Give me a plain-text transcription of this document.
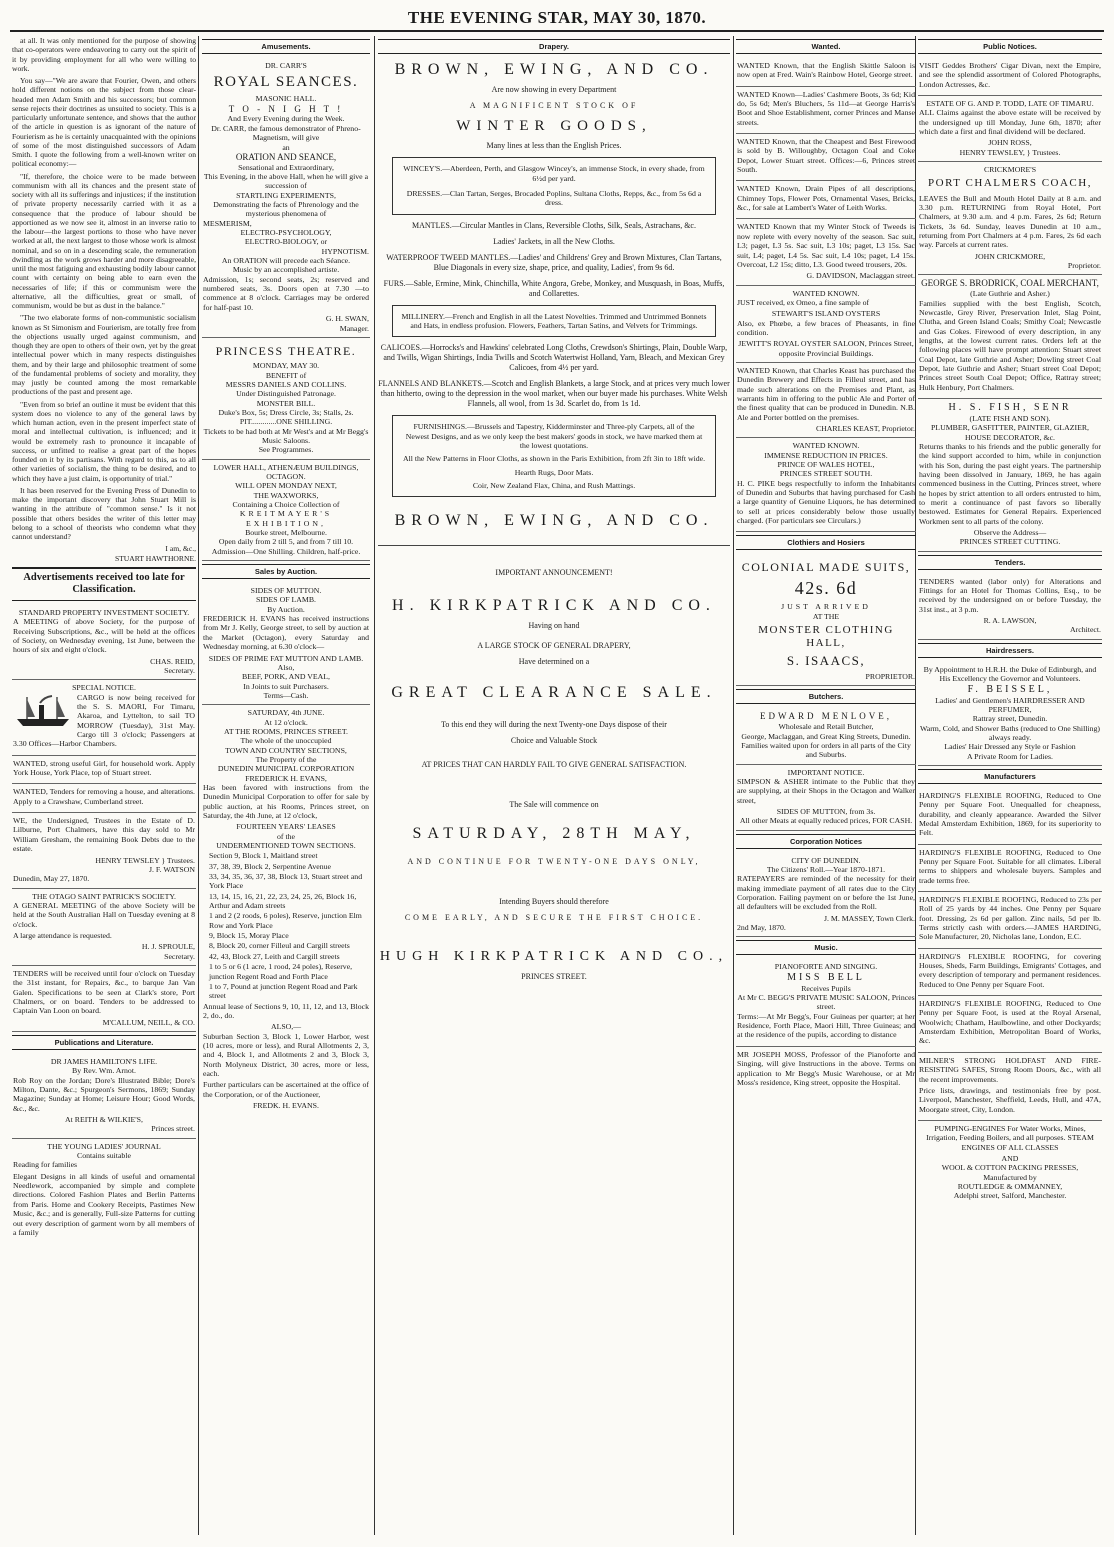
THE EVENING STAR, MAY 30, 1870.

at all. It was only mentioned for the purpose of showing that co-operators were endeavoring to carry out the spirit of it by providing employment for all who were willing to work.

You say—"We are aware that Fourier, Owen, and others hold different notions on the subject from those clear-headed men Adam Smith and his successors; but common sense rejects their doctrines as unsuited to society. This is a particularly unfortunate sentence, and shows that the author of the article in question is as ignorant of the nature of Fourierism as he is certainly unacquainted with the opinions of some of the most distinguished successors of Adam Smith. I quote the following from a well-known writer on political economy:—

"If, therefore, the choice were to be made between communism with all its chances and the present state of society with all its sufferings and injustices; if the institution of private property necessarily carried with it as a consequence that the produce of labour should be apportioned as we now see it, almost in an inverse ratio to the labour—the largest portions to those who have never worked at all, the next largest to those whose work is almost nominal, and so on in a descending scale, the remuneration dwindling as the work grows harder and more disagreeable, until the most fatiguing and exhausting bodily labour cannot count with certainty on being able to earn even the necessaries of life; if this or communism were the alternative, all the difficulties, great or small, of communism, would be but as dust in the balance."

"The two elaborate forms of non-communistic socialism known as St Simonism and Fourierism, are totally free from the objections usually urged against communism, and though they are open to others of their own, yet by the great intellectual power which in many respects distinguishes them, and by their large and philosophic treatment of some of the fundamental problems of society and morality, they may justly be counted among the most remarkable productions of the past and present age.

"Even from so brief an outline it must be evident that this system does no violence to any of the general laws by which human action, even in the present imperfect state of moral and intellectual cultivation, is influenced; and it would be extremely rash to pronounce it incapable of success, or unfitted to realise a great part of the hopes founded on it by its partisans. With regard to this, as to all other varieties of socialism, the thing to be desired, and to which they have a just claim, is opportunity of trial."

It has been reserved for the Evening Press of Dunedin to make the important discovery that John Stuart Mill is wanting in the attribute of "common sense." Is it not possible that others besides the writer of this letter may belong to a school of theorists who condemn what they cannot understand?

I am, &c.,
STUART HAWTHORNE.
Advertisements received too late for Classification.
STANDARD PROPERTY INVESTMENT SOCIETY.

A MEETING of above Society, for the purpose of Receiving Subscriptions, &c., will be held at the offices of Society, on Wednesday evening, 1st June, between the hours of six and eight o'clock.

CHAS. REID,
Secretary.
SPECIAL NOTICE.

CARGO is now being received for the S. S. MAORI, For Timaru, Akaroa, and Lyttelton, to sail TO MORROW (Tuesday), 31st May. Cargo till 3 o'clock; Passengers at 3.30 Offices—Harbor Chambers.

WANTED, strong useful Girl, for household work. Apply York House, York Place, top of Stuart street.

WANTED, Tenders for removing a house, and alterations. Apply to a Crawshaw, Cumberland street.

WE, the Undersigned, Trustees in the Estate of D. Lilburne, Port Chalmers, have this day sold to Mr William Gresham, the remaining Book Debts due to the estate.

HENRY TEWSLEY } Trustees.
J. F. WATSON
Dunedin, May 27, 1870.
THE OTAGO SAINT PATRICK'S SOCIETY.

A GENERAL MEETING of the above Society will be held at the South Australian Hall on Tuesday evening at 8 o'clock.

A large attendance is requested.

H. J. SPROULE,
Secretary.

TENDERS will be received until four o'clock on Tuesday the 31st instant, for Repairs, &c., to barque Jan Van Galen. Specifications to be seen at Clark's store, Port Chalmers, or on board. Tenders to be addressed to Captain Van Loon on board.

M'CALLUM, NEILL, & CO.
Publications and Literature.
DR JAMES HAMILTON'S LIFE.
By Rev. Wm. Arnot.

Rob Roy on the Jordan; Dore's Illustrated Bible; Dore's Milton, Dante, &c.; Spurgeon's Sermons, 1869; Sunday Magazine; Sunday at Home; Leisure Hour; Good Words, &c., &c.

At REITH & WILKIE'S,
Princes street.
THE YOUNG LADIES' JOURNAL
Contains suitable

Reading for families

Elegant Designs in all kinds of useful and ornamental Needlework, accompanied by simple and complete directions. Colored Fashion Plates and Berlin Patterns from Paris. Home and Cookery Receipts, Pastimes New Music, &c.; and is generally, Full-size Patterns for cutting out every description of garment worn by all members of a family

Amusements.
DR. CARR'S
ROYAL SEANCES.
MASONIC HALL.
T O - N I G H T !
And Every Evening during the Week.
Dr. CARR, the famous demonstrator of Phreno-Magnetism, will give
an
ORATION AND SEANCE,
Sensational and Extraordinary,
This Evening, in the above Hall, when he will give a succession of
STARTLING EXPERIMENTS,
Demonstrating the facts of Phrenology and the mysterious phenomena of
MESMERISM,
ELECTRO-PSYCHOLOGY,
ELECTRO-BIOLOGY, or
HYPNOTISM.
An ORATION will precede each Séance.
Music by an accomplished artiste.

Admission, 1s; second seats, 2s; reserved and numbered seats, 3s. Doors open at 7.30 —to commence at 8 o'clock. Carriages may be ordered for half-past 10.

G. H. SWAN,
Manager.
PRINCESS THEATRE.
MONDAY, MAY 30.
BENEFIT of
MESSRS DANIELS AND COLLINS.
Under Distinguished Patronage.
MONSTER BILL.
Duke's Box, 5s; Dress Circle, 3s; Stalls, 2s.
PIT.............ONE SHILLING.
Tickets to be had both at Mr West's and at Mr Begg's Music Saloons.
See Programmes.
LOWER HALL, ATHENÆUM BUILDINGS, OCTAGON.
WILL OPEN MONDAY NEXT,
THE WAXWORKS,
Containing a Choice Collection of
KREITMAYER'S EXHIBITION,
Bourke street, Melbourne.
Open daily from 2 till 5, and from 7 till 10.
Admission—One Shilling. Children, half-price.
Sales by Auction.
SIDES OF MUTTON.
SIDES OF LAMB.
By Auction.

FREDERICK H. EVANS has received instructions from Mr J. Kelly, George street, to sell by auction at the Market (Octagon), every Saturday and Wednesday morning, at 6.30 o'clock—

SIDES OF PRIME FAT MUTTON AND LAMB.
Also,
BEEF, PORK, AND VEAL,
In Joints to suit Purchasers.
Terms—Cash.
SATURDAY, 4th JUNE.
At 12 o'clock.
AT THE ROOMS, PRINCES STREET.
The whole of the unoccupied
TOWN AND COUNTRY SECTIONS,
The Property of the
DUNEDIN MUNICIPAL CORPORATION
FREDERICK H. EVANS,

Has been favored with instructions from the Dunedin Municipal Corporation to offer for sale by public auction, at his Rooms, Princes street, on Saturday, the 4th June, at 12 o'clock,

FOURTEEN YEARS' LEASES
of the
UNDERMENTIONED TOWN SECTIONS.
Section 9, Block 1, Maitland street
37, 38, 39, Block 2, Serpentine Avenue
33, 34, 35, 36, 37, 38, Block 13, Stuart street and York Place
13, 14, 15, 16, 21, 22, 23, 24, 25, 26, Block 16, Arthur and Adam streets
1 and 2 (2 roods, 6 poles), Reserve, junction Elm Row and York Place
9, Block 15, Moray Place
8, Block 20, corner Filleul and Cargill streets
42, 43, Block 27, Leith and Cargill streets
1 to 5 or 6 (1 acre, 1 rood, 24 poles), Reserve, junction Regent Road and Forth Place
1 to 7, Pound at junction Regent Road and Park street

Annual lease of Sections 9, 10, 11, 12, and 13, Block 2, do., do.

ALSO,—

Suburban Section 3, Block 1, Lower Harbor, west (10 acres, more or less), and Rural Allotments 2, 3, and 4, Block 1, and Allotments 2 and 3, Block 3, North Molyneux District, 30 acres, more or less, each.

Further particulars can be ascertained at the office of the Corporation, or of the Auctioneer,

FREDK. H. EVANS.
Drapery.
BROWN, EWING, AND CO.
Are now showing in every Department
A MAGNIFICENT STOCK OF
WINTER GOODS,
Many lines at less than the English Prices.

WINCEY'S.—Aberdeen, Perth, and Glasgow Wincey's, an immense Stock, in every shade, from 6½d per yard.

DRESSES.—Clan Tartan, Serges, Brocaded Poplins, Sultana Cloths, Repps, &c., from 5s 6d a dress.

MANTLES.—Circular Mantles in Clans, Reversible Cloths, Silk, Seals, Astrachans, &c.
Ladies' Jackets, in all the New Cloths.
WATERPROOF TWEED MANTLES.—Ladies' and Childrens' Grey and Brown Mixtures, Clan Tartans, Blue Diagonals in every size, shape, price, and quality, Ladies', from 9s 6d.
FURS.—Sable, Ermine, Mink, Chinchilla, White Angora, Grebe, Monkey, and Musquash, in Boas, Muffs, and Collarettes.

MILLINERY.—French and English in all the Latest Novelties. Trimmed and Untrimmed Bonnets and Hats, in endless profusion. Flowers, Feathers, Tartan Satins, and Velvets for Trimmings.

CALICOES.—Horrocks's and Hawkins' celebrated Long Cloths, Crewdson's Shirtings, Plain, Double Warp, and Twills, Wigan Shirtings, India Twills and Scotch Watertwist Holland, Yarn, Bleach, and Mexican Grey Calicoes, from 4½ per yard.
FLANNELS AND BLANKETS.—Scotch and English Blankets, a large Stock, and at prices very much lower than hitherto, owing to the depression in the wool market, when our buyer made his purchases. White Welsh Flannels, all wool, from 1s 3d. Scarlet do, from 1s 1d.

FURNISHINGS.—Brussels and Tapestry, Kidderminster and Three-ply Carpets, all of the Newest Designs, and as we only keep the best makers' goods in stock, we have marked them at the lowest quotations.

All the New Patterns in Floor Cloths, as shown in the Paris Exhibition, from 2ft 3in to 18ft wide.

Hearth Rugs, Door Mats.

Coir, New Zealand Flax, China, and Rush Mattings.

BROWN, EWING, AND CO.
IMPORTANT ANNOUNCEMENT!
H. KIRKPATRICK AND CO.
Having on hand
A LARGE STOCK OF GENERAL DRAPERY,
Have determined on a
GREAT CLEARANCE SALE.
To this end they will during the next Twenty-one Days dispose of their
Choice and Valuable Stock
AT PRICES THAT CAN HARDLY FAIL TO GIVE GENERAL SATISFACTION.
The Sale will commence on
SATURDAY, 28TH MAY,
AND CONTINUE FOR TWENTY-ONE DAYS ONLY,
Intending Buyers should therefore
COME EARLY, AND SECURE THE FIRST CHOICE.
HUGH KIRKPATRICK AND CO.,
PRINCES STREET.
Wanted.

WANTED Known, that the English Skittle Saloon is now open at Fred. Wain's Rainbow Hotel, George street.

WANTED Known—Ladies' Cashmere Boots, 3s 6d; Kid do, 5s 6d; Men's Bluchers, 5s 11d—at George Harris's Boot and Shoe Establishment, corner Princes and Manse streets.

WANTED Known, that the Cheapest and Best Firewood is sold by B. Willoughby, Octagon Coal and Coke Depot, Lower Stuart street. Offices:—6, Princes street South.

WANTED Known, Drain Pipes of all descriptions, Chimney Tops, Flower Pots, Ornamental Vases, Bricks, &c., for sale at Lambert's Water of Leith Works.

WANTED Known that my Winter Stock of Tweeds is now replete with every novelty of the season. Sac suit, L3; paget, L3 5s. Sac suit, L3 10s; paget, L3 15s. Sac suit, L4; paget, L4 5s. Sac suit, L4 10s; paget, L4 15s. Overcoat, L2 15s; ditto, L3. Good tweed trousers, 20s.

G. DAVIDSON, Maclaggan street.
WANTED KNOWN.

JUST received, ex Omeo, a fine sample of

STEWART'S ISLAND OYSTERS

Also, ex Phœbe, a few braces of Pheasants, in fine condition.

JEWITT'S ROYAL OYSTER SALOON, Princes Street, opposite Provincial Buildings.

WANTED Known, that Charles Keast has purchased the Dunedin Brewery and Effects in Filleul street, and has made such alterations on the Premises and Plant, as warrants him in offering to the public Ale and Porter of the finest quality that can be produced in Dunedin. N.B. Ale and Porter bottled on the premises.

CHARLES KEAST, Proprietor.
WANTED KNOWN.
IMMENSE REDUCTION IN PRICES.
PRINCE OF WALES HOTEL,
PRINCES STREET SOUTH.

H. C. PIKE begs respectfully to inform the Inhabitants of Dunedin and Suburbs that having purchased for Cash a large quantity of Genuine Liquors, he has determined to sell at prices considerably below those usually charged. (For particulars see Circulars.)

Clothiers and Hosiers
COLONIAL MADE SUITS,
42s. 6d
JUST ARRIVED
AT THE
MONSTER CLOTHING HALL,
S. ISAACS,
PROPRIETOR.
Butchers.
EDWARD MENLOVE,
Wholesale and Retail Butcher,
George, Maclaggan, and Great King Streets, Dunedin.
Families waited upon for orders in all parts of the City and Suburbs.
IMPORTANT NOTICE.

SIMPSON & ASHER intimate to the Public that they are supplying, at their Shops in the Octagon and Walker street,

SIDES OF MUTTON, from 3s.
All other Meats at equally reduced prices, FOR CASH.
Corporation Notices
CITY OF DUNEDIN.
The Citizens' Roll.—Year 1870-1871.

RATEPAYERS are reminded of the necessity for their making immediate payment of all rates due to the City Corporation. Failing payment on or before the 1st June, all defaulters will be excluded from the Roll.

J. M. MASSEY, Town Clerk.
2nd May, 1870.
Music.
PIANOFORTE AND SINGING.
MISS BELL
Receives Pupils
At Mr C. BEGG'S PRIVATE MUSIC SALOON, Princes street.

Terms:—At Mr Begg's, Four Guineas per quarter; at her Residence, Forth Place, Maori Hill, Three Guineas; and at the residence of the pupils, according to distance

MR JOSEPH MOSS, Professor of the Pianoforte and Singing, will give Instructions in the above. Terms on application to Mr Begg's Music Warehouse, or at Mr Moss's residence, King street, opposite the Hospital.

Public Notices.

VISIT Geddes Brothers' Cigar Divan, next the Empire, and see the splendid assortment of Colored Photographs, London Actresses, &c.

ESTATE OF G. AND P. TODD, LATE OF TIMARU.

ALL Claims against the above estate will be received by the undersigned up till Monday, June 6th, 1870; after which date a first and final dividend will be declared.

JOHN ROSS,
HENRY TEWSLEY, } Trustees.
CRICKMORE'S
PORT CHALMERS COACH,

LEAVES the Bull and Mouth Hotel Daily at 8 a.m. and 3.30 p.m. RETURNING from Royal Hotel, Port Chalmers, at 9.30 a.m. and 4 p.m. Fares, 2s 6d; Return Tickets, 3s 6d. Sunday, leaves Dunedin at 10 a.m., returning from Port Chalmers at 4 p.m. Fares, 2s 6d each way. Parcels at current rates.

JOHN CRICKMORE,
Proprietor.
GEORGE S. BRODRICK, COAL MERCHANT,
(Late Guthrie and Asher.)

Families supplied with the best English, Scotch, Newcastle, Grey River, Preservation Inlet, Slag Point, Clutha, and Green Island Coals; Smithy Coal; Newcastle and Gas Cokes. Firewood of every description, in any lengths, at the lowest current rates. Orders left at the following places will have prompt attention: Stuart street Coal Depot, late Guthrie and Asher; Dowling street Coal Depot, late Guthrie and Asher; Stuart street Coal Depot; Princes street South Coal Depot; Office, Rattray street; Hulk Henbury, Port Chalmers.

H. S. FISH, SENR
(LATE FISH AND SON).
PLUMBER, GASFITTER, PAINTER, GLAZIER, HOUSE DECORATOR, &c.

Returns thanks to his friends and the public generally for the kind support accorded to him, while in conjunction with his Son, during the past eight years. The partnership having been dissolved in January, 1869, he has again commenced business in the Cutting, Princes street, where he hopes by strict attention to all orders entrusted to him, to merit a continuance of past favors so liberally bestowed. Estimates for General Repairs. Experienced Workmen sent to all parts of the colony.

Observe the Address—
PRINCES STREET CUTTING.
Tenders.

TENDERS wanted (labor only) for Alterations and Fittings for an Hotel for Thomas Collins, Esq., to be received by the undersigned on or before Tuesday, the 31st inst., at 3 p.m.

R. A. LAWSON,
Architect.
Hairdressers.
By Appointment to H.R.H. the Duke of Edinburgh, and His Excellency the Governor and Volunteers.
F. BEISSEL,
Ladies' and Gentlemen's HAIRDRESSER AND PERFUMER,
Rattray street, Dunedin.
Warm, Cold, and Shower Baths (reduced to One Shilling) always ready.
Ladies' Hair Dressed any Style or Fashion
A Private Room for Ladies.
Manufacturers

HARDING'S FLEXIBLE ROOFING, Reduced to One Penny per Square Foot. Unequalled for cheapness, durability, and cleanly appearance. Awarded the Silver Medal Amsterdam Exhibition, 1869, for its superiority to Felt.

HARDING'S FLEXIBLE ROOFING, Reduced to One Penny per Square Foot. Suitable for all climates. Liberal terms to shippers and wholesale buyers. Samples and trade terms free.

HARDING'S FLEXIBLE ROOFING, Reduced to 23s per Roll of 25 yards by 44 inches. One Penny per Square foot. Dressing, 2s 6d per gallon. Zinc nails, 5d per lb. Terms strictly cash with orders.—JAMES HARDING, Sole Manufacturer, 20, Nicholas lane, London, E.C.

HARDING'S FLEXIBLE ROOFING, for covering Houses, Sheds, Farm Buildings, Emigrants' Cottages, and every description of temporary and permanent residences. Reduced to One Penny per Square Foot.

HARDING'S FLEXIBLE ROOFING, Reduced to One Penny per Square Foot, is used at the Royal Arsenal, Woolwich; Chatham, Haulbowline, and other Dockyards; Amsterdam Exhibition, Metropolitan Board of Works, &c.

MILNER'S STRONG HOLDFAST AND FIRE-RESISTING SAFES, Strong Room Doors, &c., with all the recent improvements.

Price lists, drawings, and testimonials free by post. Liverpool, Manchester, Sheffield, Leeds, Hull, and 47A, Moorgate street, City, London.

PUMPING-ENGINES For Water Works, Mines, Irrigation, Feeding Boilers, and all purposes. STEAM ENGINES OF ALL CLASSES

AND
WOOL & COTTON PACKING PRESSES,
Manufactured by
ROUTLEDGE & OMMANNEY,
Adelphi street, Salford, Manchester.
